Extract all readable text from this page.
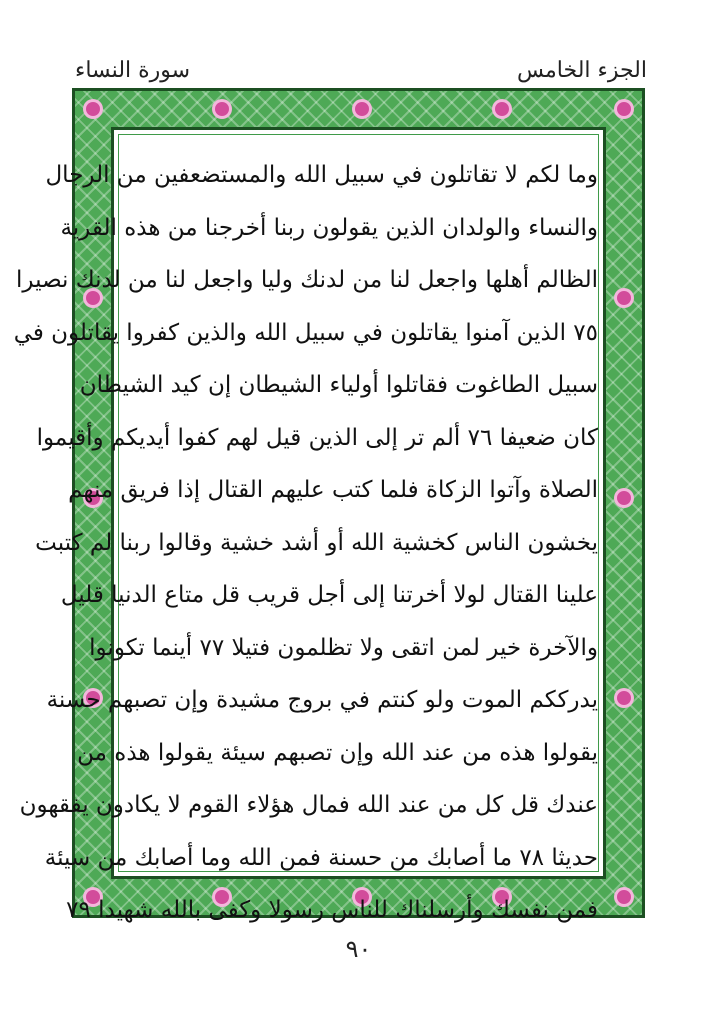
الجزء الخامس
سورة النساء
وما لكم لا تقاتلون في سبيل الله والمستضعفين من الرجال
والنساء والولدان الذين يقولون ربنا أخرجنا من هذه القرية
الظالم أهلها واجعل لنا من لدنك وليا واجعل لنا من لدنك نصيرا
٧٥ الذين آمنوا يقاتلون في سبيل الله والذين كفروا يقاتلون في
سبيل الطاغوت فقاتلوا أولياء الشيطان إن كيد الشيطان
كان ضعيفا ٧٦ ألم تر إلى الذين قيل لهم كفوا أيديكم وأقيموا
الصلاة وآتوا الزكاة فلما كتب عليهم القتال إذا فريق منهم
يخشون الناس كخشية الله أو أشد خشية وقالوا ربنا لم كتبت
علينا القتال لولا أخرتنا إلى أجل قريب قل متاع الدنيا قليل
والآخرة خير لمن اتقى ولا تظلمون فتيلا ٧٧ أينما تكونوا
يدرككم الموت ولو كنتم في بروج مشيدة وإن تصبهم حسنة
يقولوا هذه من عند الله وإن تصبهم سيئة يقولوا هذه من
عندك قل كل من عند الله فمال هؤلاء القوم لا يكادون يفقهون
حديثا ٧٨ ما أصابك من حسنة فمن الله وما أصابك من سيئة
فمن نفسك وأرسلناك للناس رسولا وكفى بالله شهيدا ٧٩
٩٠
